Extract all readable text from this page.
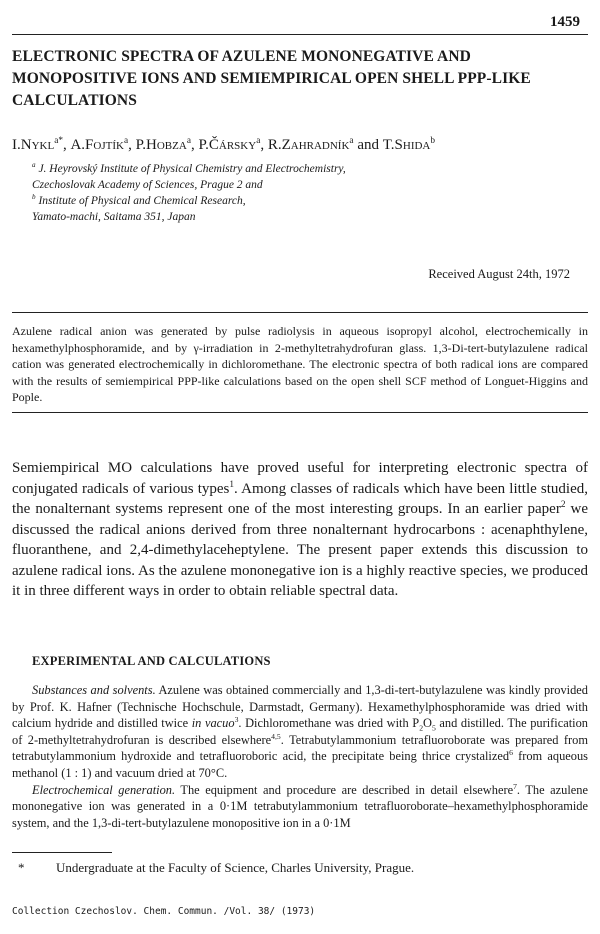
1459
ELECTRONIC SPECTRA OF AZULENE MONONEGATIVE AND MONOPOSITIVE IONS AND SEMIEMPIRICAL OPEN SHELL PPP-LIKE CALCULATIONS
I.Nykl$^{a*}$, A.Fojtík$^a$, P.Hobza$^a$, P.Čársky$^a$, R.Zahradník$^a$ and T.Shida$^b$
$^a$ J. Heyrovský Institute of Physical Chemistry and Electrochemistry,
Czechoslovak Academy of Sciences, Prague 2 and
$^b$ Institute of Physical and Chemical Research,
Yamato-machi, Saitama 351, Japan
Received August 24th, 1972

Azulene radical anion was generated by pulse radiolysis in aqueous isopropyl alcohol, electrochemically in hexamethylphosphoramide, and by γ-irradiation in 2-methyltetrahydrofuran glass. 1,3-Di-tert-butylazulene radical cation was generated electrochemically in dichloromethane. The electronic spectra of both radical ions are compared with the results of semiempirical PPP-like calculations based on the open shell SCF method of Longuet-Higgins and Pople.

Semiempirical MO calculations have proved useful for interpreting electronic spectra of conjugated radicals of various types$^1$. Among classes of radicals which have been little studied, the nonalternant systems represent one of the most interesting groups. In an earlier paper$^2$ we discussed the radical anions derived from three nonalternant hydrocarbons : acenaphthylene, fluoranthene, and 2,4-dimethylaceheptylene. The present paper extends this discussion to azulene radical ions. As the azulene mononegative ion is a highly reactive species, we produced it in three different ways in order to obtain reliable spectral data.

EXPERIMENTAL AND CALCULATIONS

Substances and solvents. Azulene was obtained commercially and 1,3-di-tert-butylazulene was kindly provided by Prof. K. Hafner (Technische Hochschule, Darmstadt, Germany). Hexamethylphosphoramide was dried with calcium hydride and distilled twice in vacuo$^3$. Dichloromethane was dried with $P_2O_5$ and distilled. The purification of 2-methyltetrahydrofuran is described elsewhere$^{4,5}$. Tetrabutylammonium tetrafluoroborate was prepared from tetrabutylammonium hydroxide and tetrafluoroboric acid, the precipitate being thrice crystalized$^6$ from aqueous methanol (1 : 1) and vacuum dried at 70°C.

Electrochemical generation. The equipment and procedure are described in detail elsewhere$^7$. The azulene mononegative ion was generated in a 0·1M tetrabutylammonium tetrafluoroborate–hexamethylphosphoramide system, and the 1,3-di-tert-butylazulene monopositive ion in a 0·1M

* Undergraduate at the Faculty of Science, Charles University, Prague.
Collection Czechoslov. Chem. Commun. /Vol. 38/ (1973)
